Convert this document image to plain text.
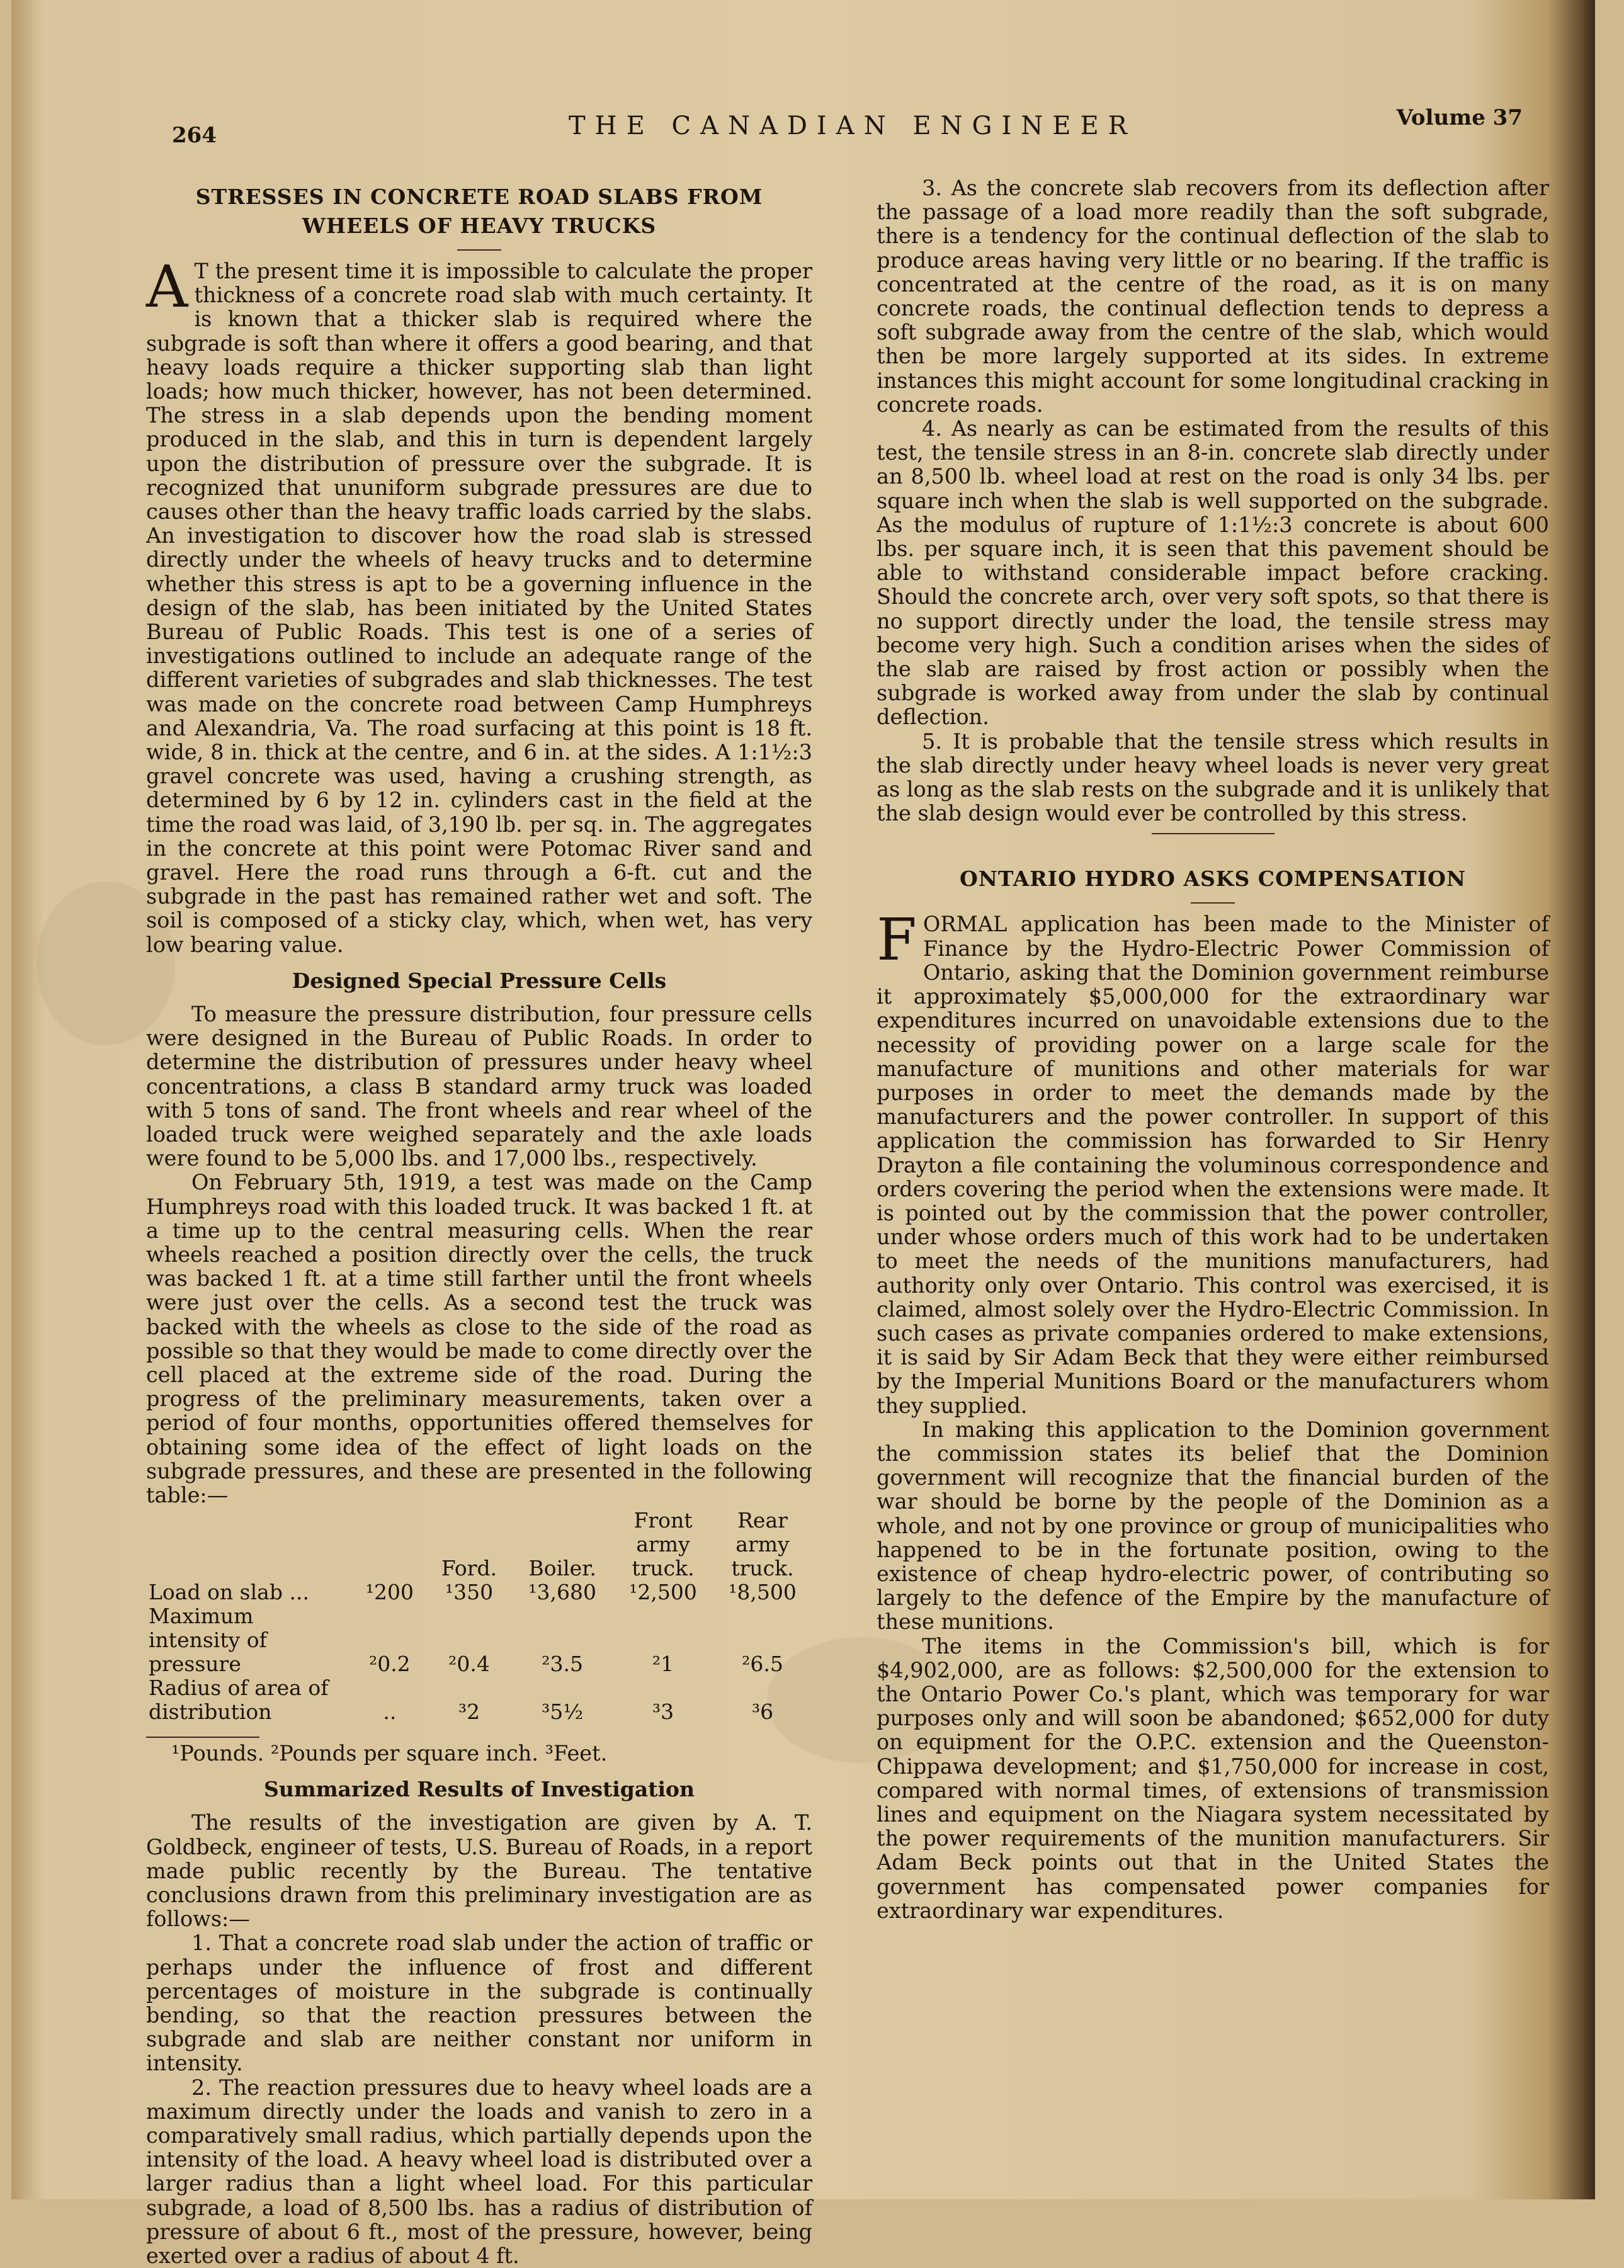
264	THE CANADIAN ENGINEER	Volume 37
STRESSES IN CONCRETE ROAD SLABS FROM
WHEELS OF HEAVY TRUCKS

A T the present time it is impossible to calculate the proper thickness of a concrete road slab with much certainty. It is known that a thicker slab is required where the subgrade is soft than where it offers a good bearing, and that heavy loads require a thicker supporting slab than light loads; how much thicker, however, has not been determined. The stress in a slab depends upon the bending moment produced in the slab, and this in turn is dependent largely upon the distribution of pressure over the subgrade. It is recognized that ununiform subgrade pressures are due to causes other than the heavy traffic loads carried by the slabs. An investigation to discover how the road slab is stressed directly under the wheels of heavy trucks and to determine whether this stress is apt to be a governing influence in the design of the slab, has been initiated by the United States Bureau of Public Roads. This test is one of a series of investigations outlined to include an adequate range of the different varieties of subgrades and slab thicknesses. The test was made on the concrete road between Camp Humphreys and Alexandria, Va. The road surfacing at this point is 18 ft. wide, 8 in. thick at the centre, and 6 in. at the sides. A 1:1½:3 gravel concrete was used, having a crushing strength, as determined by 6 by 12 in. cylinders cast in the field at the time the road was laid, of 3,190 lb. per sq. in. The aggregates in the concrete at this point were Potomac River sand and gravel. Here the road runs through a 6-ft. cut and the subgrade in the past has remained rather wet and soft. The soil is composed of a sticky clay, which, when wet, has very low bearing value.

Designed Special Pressure Cells

To measure the pressure distribution, four pressure cells were designed in the Bureau of Public Roads. In order to determine the distribution of pressures under heavy wheel concentrations, a class B standard army truck was loaded with 5 tons of sand. The front wheels and rear wheel of the loaded truck were weighed separately and the axle loads were found to be 5,000 lbs. and 17,000 lbs., respectively.

On February 5th, 1919, a test was made on the Camp Humphreys road with this loaded truck. It was backed 1 ft. at a time up to the central measuring cells. When the rear wheels reached a position directly over the cells, the truck was backed 1 ft. at a time still farther until the front wheels were just over the cells. As a second test the truck was backed with the wheels as close to the side of the road as possible so that they would be made to come directly over the cell placed at the extreme side of the road. During the progress of the preliminary measurements, taken over a period of four months, opportunities offered themselves for obtaining some idea of the effect of light loads on the subgrade pressures, and these are presented in the following table:—

		Ford.	Boiler.	Front army truck.	Rear army truck.
Load on slab ...	¹200	¹350	¹3,680	¹2,500	¹8,500
Maximum intensity of pressure	²0.2	²0.4	²3.5	²1	²6.5
Radius of area of distribution	..	³2	³5½	³3	³6

¹Pounds. ²Pounds per square inch. ³Feet.

Summarized Results of Investigation

The results of the investigation are given by A. T. Goldbeck, engineer of tests, U.S. Bureau of Roads, in a report made public recently by the Bureau. The tentative conclusions drawn from this preliminary investigation are as follows:—

1. That a concrete road slab under the action of traffic or perhaps under the influence of frost and different percentages of moisture in the subgrade is continually bending, so that the reaction pressures between the subgrade and slab are neither constant nor uniform in intensity.

2. The reaction pressures due to heavy wheel loads are a maximum directly under the loads and vanish to zero in a comparatively small radius, which partially depends upon the intensity of the load. A heavy wheel load is distributed over a larger radius than a light wheel load. For this particular subgrade, a load of 8,500 lbs. has a radius of distribution of pressure of about 6 ft., most of the pressure, however, being exerted over a radius of about 4 ft.

3. As the concrete slab recovers from its deflection after the passage of a load more readily than the soft subgrade, there is a tendency for the continual deflection of the slab to produce areas having very little or no bearing. If the traffic is concentrated at the centre of the road, as it is on many concrete roads, the continual deflection tends to depress a soft subgrade away from the centre of the slab, which would then be more largely supported at its sides. In extreme instances this might account for some longitudinal cracking in concrete roads.

4. As nearly as can be estimated from the results of this test, the tensile stress in an 8-in. concrete slab directly under an 8,500 lb. wheel load at rest on the road is only 34 lbs. per square inch when the slab is well supported on the subgrade. As the modulus of rupture of 1:1½:3 concrete is about 600 lbs. per square inch, it is seen that this pavement should be able to withstand considerable impact before cracking. Should the concrete arch, over very soft spots, so that there is no support directly under the load, the tensile stress may become very high. Such a condition arises when the sides of the slab are raised by frost action or possibly when the subgrade is worked away from under the slab by continual deflection.

5. It is probable that the tensile stress which results in the slab directly under heavy wheel loads is never very great as long as the slab rests on the subgrade and it is unlikely that the slab design would ever be controlled by this stress.

ONTARIO HYDRO ASKS COMPENSATION

FORMAL application has been made to the Minister of Finance by the Hydro-Electric Power Commission of Ontario, asking that the Dominion government reimburse it approximately $5,000,000 for the extraordinary war expenditures incurred on unavoidable extensions due to the necessity of providing power on a large scale for the manufacture of munitions and other materials for war purposes in order to meet the demands made by the manufacturers and the power controller. In support of this application the commission has forwarded to Sir Henry Drayton a file containing the voluminous correspondence and orders covering the period when the extensions were made. It is pointed out by the commission that the power controller, under whose orders much of this work had to be undertaken to meet the needs of the munitions manufacturers, had authority only over Ontario. This control was exercised, it is claimed, almost solely over the Hydro-Electric Commission. In such cases as private companies ordered to make extensions, it is said by Sir Adam Beck that they were either reimbursed by the Imperial Munitions Board or the manufacturers whom they supplied.

In making this application to the Dominion government the commission states its belief that the Dominion government will recognize that the financial burden of the war should be borne by the people of the Dominion as a whole, and not by one province or group of municipalities who happened to be in the fortunate position, owing to the existence of cheap hydro-electric power, of contributing so largely to the defence of the Empire by the manufacture of these munitions.

The items in the Commission's bill, which is for $4,902,000, are as follows: $2,500,000 for the extension to the Ontario Power Co.'s plant, which was temporary for war purposes only and will soon be abandoned; $652,000 for duty on equipment for the O.P.C. extension and the Queenston-Chippawa development; and $1,750,000 for increase in cost, compared with normal times, of extensions of transmission lines and equipment on the Niagara system necessitated by the power requirements of the munition manufacturers. Sir Adam Beck points out that in the United States the government has compensated power companies for extraordinary war expenditures.
